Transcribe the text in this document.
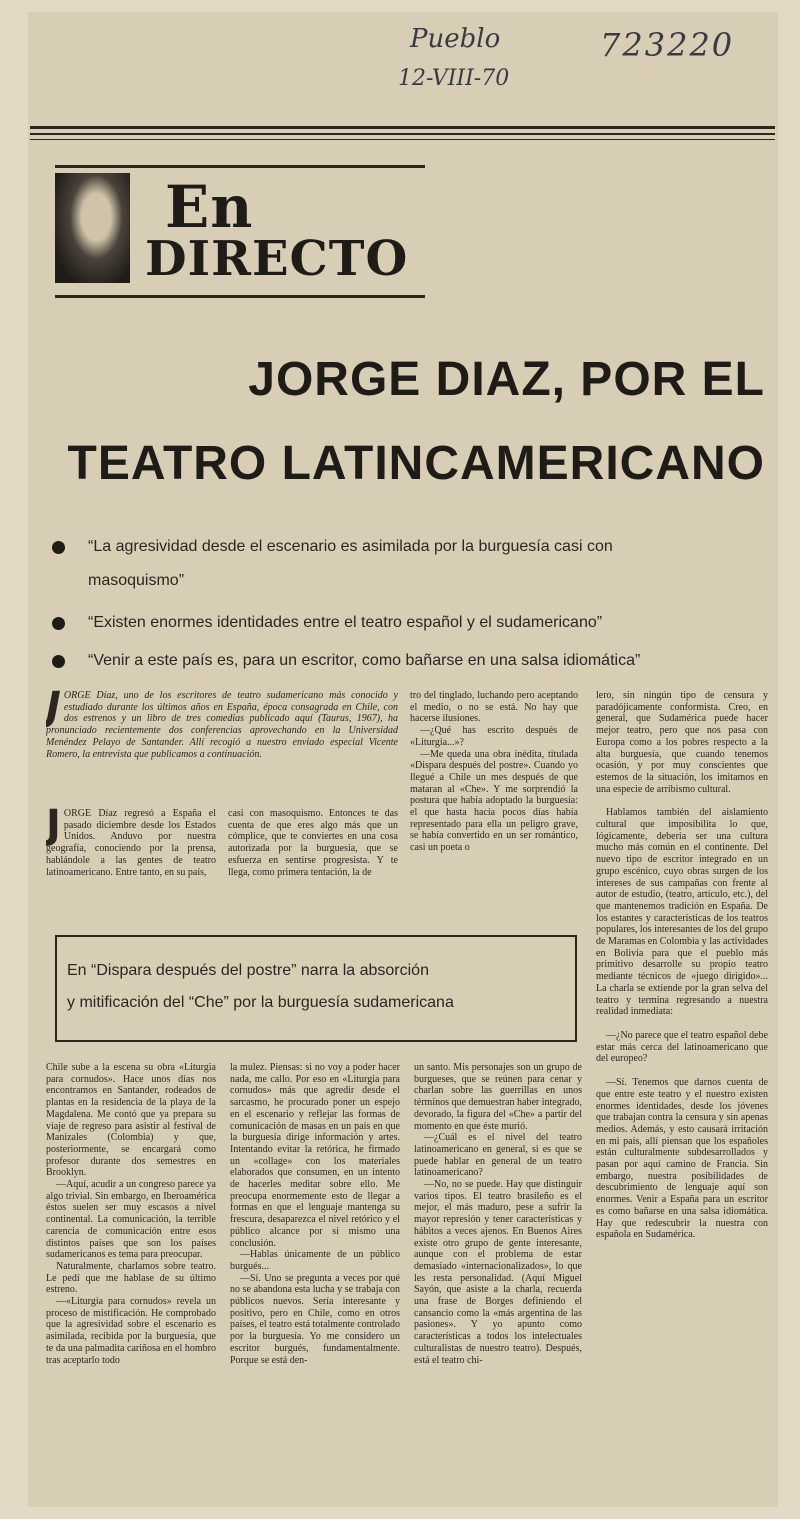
Pueblo
12-VIII-70
723220
En
DIRECTO
JORGE DIAZ, POR EL
TEATRO LATINCAMERICANO
“La agresividad desde el escenario es asimilada por la burguesía casi con
masoquismo”
“Existen enormes identidades entre el teatro español y el sudamericano”
“Venir a este país es, para un escritor, como bañarse en una salsa idiomática”
JORGE Díaz, uno de los escritores de teatro sudamericano más conocido y estudiado durante los últimos años en España, época consagrada en Chile, con dos estrenos y un libro de tres comedias publicado aquí (Taurus, 1967), ha pronunciado recientemente dos conferencias aprovechando en la Universidad Menéndez Pelayo de Santander. Allí recogió a nuestro enviado especial Vicente Romero, la entrevista que publicamos a continuación.
JORGE Díaz regresó a España el pasado diciembre desde los Estados Unidos. Anduvo por nuestra geografía, conociendo por la prensa, hablándole a las gentes de teatro latinoamericano. Entre tanto, en su país,

casi con masoquismo. Entonces te das cuenta de que eres algo más que un cómplice, que te conviertes en una cosa autorizada por la burguesía, que se esfuerza en sentirse progresista. Y te llega, como primera tentación, la de

tro del tinglado, luchando pero aceptando el medio, o no se está. No hay que hacerse ilusiones.

—¿Qué has escrito después de «Liturgia...»?

—Me queda una obra inédita, titulada «Dispara después del postre». Cuando yo llegué a Chile un mes después de que mataran al «Che». Y me sorprendió la postura que había adoptado la burguesía: el que hasta hacía pocos días había representado para ella un peligro grave, se había convertido en un ser romántico, casi un poeta o

lero, sin ningún tipo de censura y paradójicamente conformista. Creo, en general, que Sudamérica puede hacer mejor teatro, pero que nos pasa con Europa como a los pobres respecto a la alta burguesía, que cuando tenemos ocasión, y por muy conscientes que estemos de la situación, los imitamos en una especie de arribismo cultural.

Hablamos también del aislamiento cultural que imposibilita lo que, lógicamente, debería ser una cultura mucho más común en el continente. Del nuevo tipo de escritor integrado en un grupo escénico, cuyo obras surgen de los intereses de sus campañas con frente al autor de estudio, (teatro, artículo, etc.), del que mantenemos tradición en España. De los estantes y características de los teatros populares, los interesantes de los del grupo de Maramas en Colombia y las actividades en Bolivia para que el pueblo más primitivo desarrolle su propio teatro mediante técnicos de «juego dirigido»... La charla se extiende por la gran selva del teatro y termina regresando a nuestra realidad inmediata:

—¿No parece que el teatro español debe estar más cerca del latinoamericano que del europeo?

—Sí. Tenemos que darnos cuenta de que entre este teatro y el nuestro existen enormes identidades, desde los jóvenes que trabajan contra la censura y sin apenas medios. Además, y esto causará irritación en mi país, allí piensan que los españoles están culturalmente subdesarrollados y pasan por aquí camino de Francia. Sin embargo, nuestra posibilidades de descubrimiento de lenguaje aquí son enormes. Venir a España para un escritor es como bañarse en una salsa idiomática. Hay que redescubrir la nuestra con española en Sudamérica.

En “Dispara después del postre” narra la absorción
y mitificación del “Che” por la burguesía sudamericana

Chile sube a la escena su obra «Liturgia para cornudos». Hace unos días nos encontramos en Santander, rodeados de plantas en la residencia de la playa de la Magdalena. Me contó que ya prepara su viaje de regreso para asistir al festival de Manizales (Colombia) y que, posteriormente, se encargará como profesor durante dos semestres en Brooklyn.

—Aquí, acudir a un congreso parece ya algo trivial. Sin embargo, en Iberoamérica éstos suelen ser muy escasos a nivel continental. La comunicación, la terrible carencia de comunicación entre esos distintos países que son los países sudamericanos es tema para preocupar.

Naturalmente, charlamos sobre teatro. Le pedí que me hablase de su último estreno.

—«Liturgia para cornudos» revela un proceso de mistificación. He comprobado que la agresividad sobre el escenario es asimilada, recibida por la burguesía, que te da una palmadita cariñosa en el hombro tras aceptarlo todo

la mulez. Piensas: si no voy a poder hacer nada, me callo. Por eso en «Liturgia para cornudos» más que agredir desde el sarcasmo, he procurado poner un espejo en el escenario y reflejar las formas de comunicación de masas en un país en que la burguesía dirige información y artes. Intentando evitar la retórica, he firmado un «collage» con los materiales elaborados que consumen, en un intento de hacerles meditar sobre ello. Me preocupa enormemente esto de llegar a formas en que el lenguaje mantenga su frescura, desaparezca el nivel retórico y el público alcance por sí mismo una conclusión.

—Hablas únicamente de un público burgués...

—Sí. Uno se pregunta a veces por qué no se abandona esta lucha y se trabaja con públicos nuevos. Sería interesante y positivo, pero en Chile, como en otros países, el teatro está totalmente controlado por la burguesía. Yo me considero un escritor burgués, fundamentalmente. Porque se está den-

un santo. Mis personajes son un grupo de burgueses, que se reúnen para cenar y charlan sobre las guerrillas en unos términos que demuestran haber integrado, devorado, la figura del «Che» a partir del momento en que éste murió.

—¿Cuál es el nivel del teatro latinoamericano en general, si es que se puede hablar en general de un teatro latinoamericano?

—No, no se puede. Hay que distinguir varios tipos. El teatro brasileño es el mejor, el más maduro, pese a sufrir la mayor represión y tener características y hábitos a veces ajenos. En Buenos Aires existe otro grupo de gente interesante, aunque con el problema de estar demasiado «internacionalizados», lo que les resta personalidad. (Aquí Miguel Sayón, que asiste a la charla, recuerda una frase de Borges definiendo el cansancio como la «más argentina de las pasiones». Y yo apunto como características a todos los intelectuales culturalistas de nuestro teatro). Después, está el teatro chi-
